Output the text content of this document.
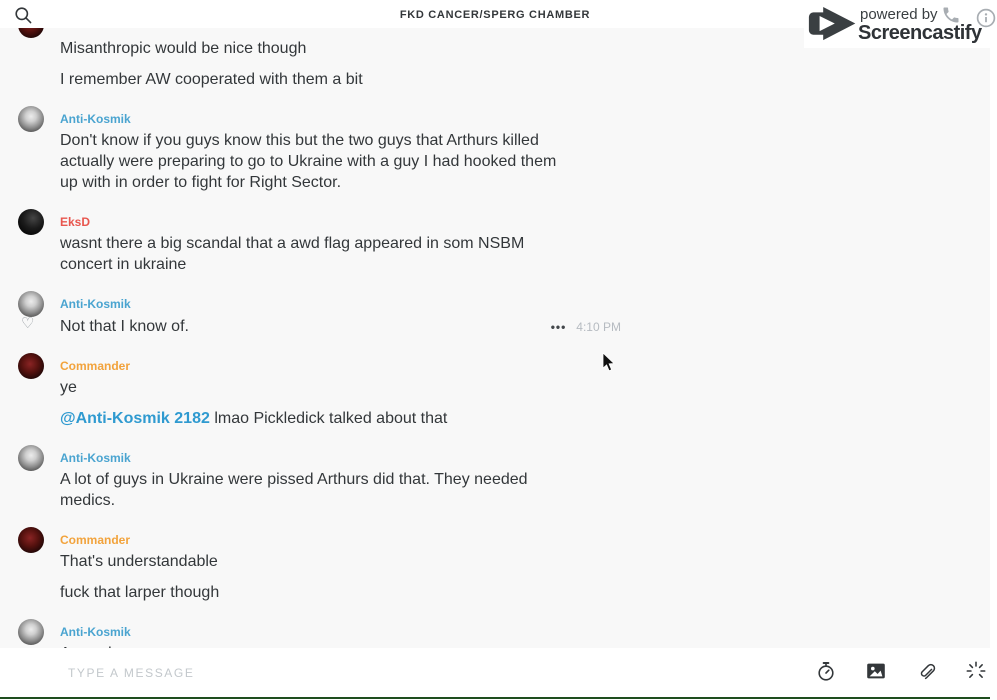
FKD CANCER/SPERG CHAMBER

Misanthropic would be nice though

I remember AW cooperated with them a bit

Anti-Kosmik

Don't know if you guys know this but the two guys that Arthurs killed actually were preparing to go to Ukraine with a guy I had hooked them up with in order to fight for Right Sector.

EksD

wasnt there a big scandal that a awd flag appeared in som NSBM concert in ukraine

♡
Anti-Kosmik

Not that I know of.	••• 4:10 PM
Commander

ye

@Anti-Kosmik 2182 lmao Pickledick talked about that

Anti-Kosmik

A lot of guys in Ukraine were pissed Arthurs did that. They needed medics.

Commander

That's understandable

fuck that larper though

Anti-Kosmik

powered by
Screencastify
TYPE A MESSAGE
